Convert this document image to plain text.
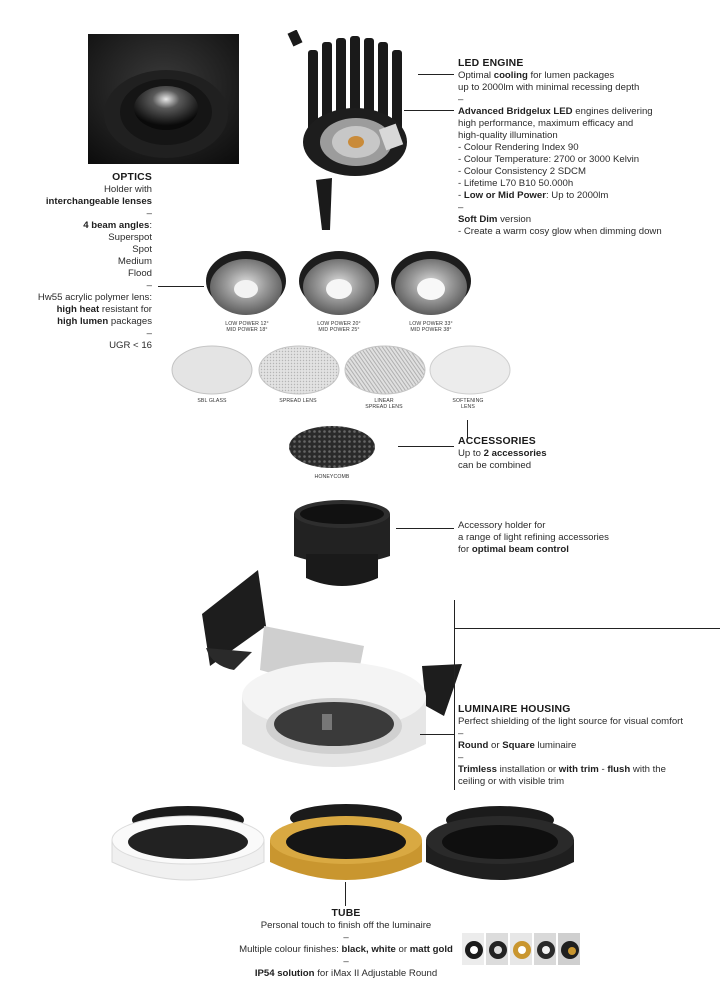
LOW POWER 12°
MID POWER 18°
LOW POWER 20°
MID POWER 25°
LOW POWER 33°
MID POWER 38°
SBL GLASS	SPREAD LENS	LINEAR
SPREAD LENS
SOFTENING
LENS
HONEYCOMB

LED ENGINE

Optimal cooling for lumen packages

up to 2000lm with minimal recessing depth

–

Advanced Bridgelux LED engines delivering

high performance, maximum efficacy and

high-quality illumination

- Colour Rendering Index 90

- Colour Temperature: 2700 or 3000 Kelvin

- Colour Consistency 2 SDCM

- Lifetime L70 B10 50.000h

- Low or Mid Power: Up to 2000lm

–

Soft Dim version

- Create a warm cosy glow when dimming down

OPTICS

Holder with

interchangeable lenses

–

4 beam angles:

Superspot

Spot

Medium

Flood

–

Hw55 acrylic polymer lens:

high heat resistant for

high lumen packages

–

UGR < 16

ACCESSORIES

Up to 2 accessories

can be combined

Accessory holder for

a range of light refining accessories

for optimal beam control

LUMINAIRE HOUSING

Perfect shielding of the light source for visual comfort

–

Round or Square luminaire

–

Trimless installation or with trim - flush with the

ceiling or with visible trim

TUBE

Personal touch to finish off the luminaire

–

Multiple colour finishes: black, white or matt gold

–

IP54 solution for iMax II Adjustable Round
